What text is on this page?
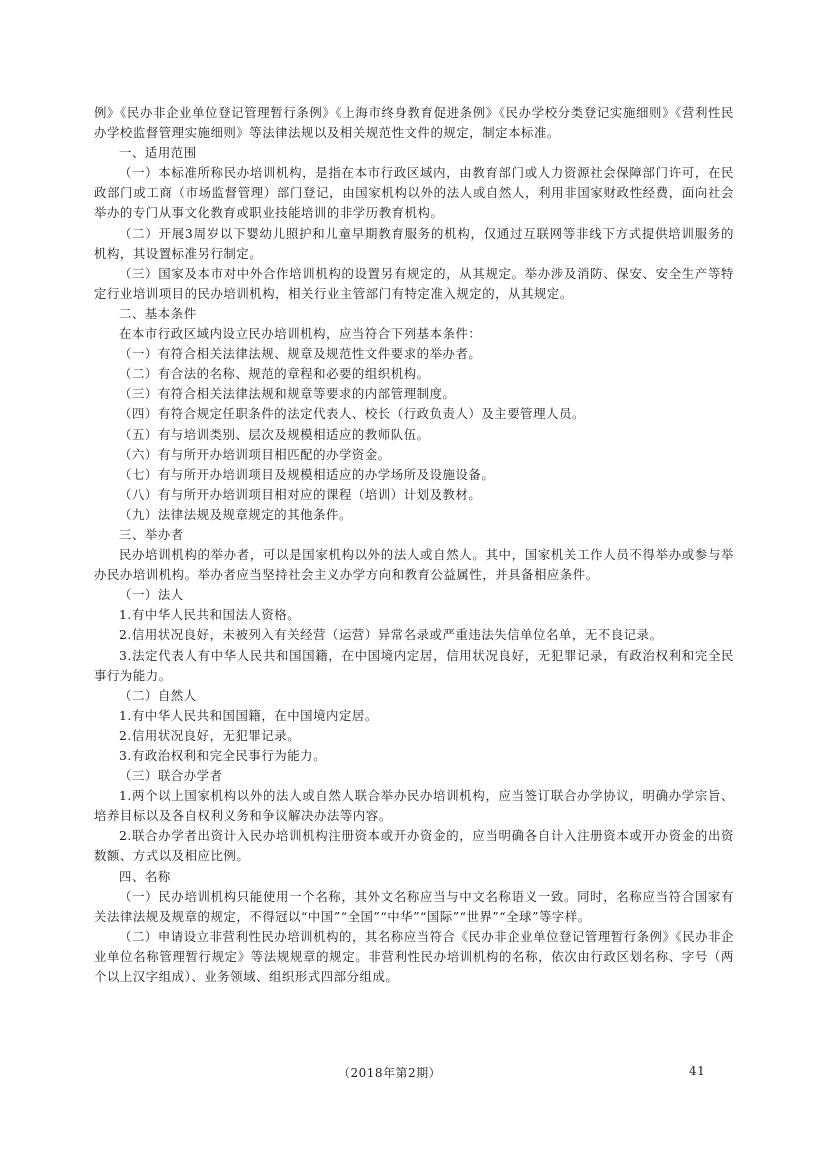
例》《民办非企业单位登记管理暂行条例》《上海市终身教育促进条例》《民办学校分类登记实施细则》《营利性民办学校监督管理实施细则》等法律法规以及相关规范性文件的规定，制定本标准。

一、适用范围

（一）本标准所称民办培训机构，是指在本市行政区域内，由教育部门或人力资源社会保障部门许可，在民政部门或工商（市场监督管理）部门登记，由国家机构以外的法人或自然人，利用非国家财政性经费，面向社会举办的专门从事文化教育或职业技能培训的非学历教育机构。

（二）开展3周岁以下婴幼儿照护和儿童早期教育服务的机构，仅通过互联网等非线下方式提供培训服务的机构，其设置标准另行制定。

（三）国家及本市对中外合作培训机构的设置另有规定的，从其规定。举办涉及消防、保安、安全生产等特定行业培训项目的民办培训机构，相关行业主管部门有特定准入规定的，从其规定。

二、基本条件

在本市行政区域内设立民办培训机构，应当符合下列基本条件：

（一）有符合相关法律法规、规章及规范性文件要求的举办者。

（二）有合法的名称、规范的章程和必要的组织机构。

（三）有符合相关法律法规和规章等要求的内部管理制度。

（四）有符合规定任职条件的法定代表人、校长（行政负责人）及主要管理人员。

（五）有与培训类别、层次及规模相适应的教师队伍。

（六）有与所开办培训项目相匹配的办学资金。

（七）有与所开办培训项目及规模相适应的办学场所及设施设备。

（八）有与所开办培训项目相对应的课程（培训）计划及教材。

（九）法律法规及规章规定的其他条件。

三、举办者

民办培训机构的举办者，可以是国家机构以外的法人或自然人。其中，国家机关工作人员不得举办或参与举办民办培训机构。举办者应当坚持社会主义办学方向和教育公益属性，并具备相应条件。

（一）法人

1.有中华人民共和国法人资格。

2.信用状况良好，未被列入有关经营（运营）异常名录或严重违法失信单位名单，无不良记录。

3.法定代表人有中华人民共和国国籍，在中国境内定居，信用状况良好，无犯罪记录，有政治权利和完全民事行为能力。

（二）自然人

1.有中华人民共和国国籍，在中国境内定居。

2.信用状况良好，无犯罪记录。

3.有政治权利和完全民事行为能力。

（三）联合办学者

1.两个以上国家机构以外的法人或自然人联合举办民办培训机构，应当签订联合办学协议，明确办学宗旨、培养目标以及各自权利义务和争议解决办法等内容。

2.联合办学者出资计入民办培训机构注册资本或开办资金的，应当明确各自计入注册资本或开办资金的出资数额、方式以及相应比例。

四、名称

（一）民办培训机构只能使用一个名称，其外文名称应当与中文名称语义一致。同时，名称应当符合国家有关法律法规及规章的规定，不得冠以“中国”“全国”“中华”“国际”“世界”“全球”等字样。

（二）申请设立非营利性民办培训机构的，其名称应当符合《民办非企业单位登记管理暂行条例》《民办非企业单位名称管理暂行规定》等法规规章的规定。非营利性民办培训机构的名称，依次由行政区划名称、字号（两个以上汉字组成）、业务领域、组织形式四部分组成。

（2018年第2期）	41
